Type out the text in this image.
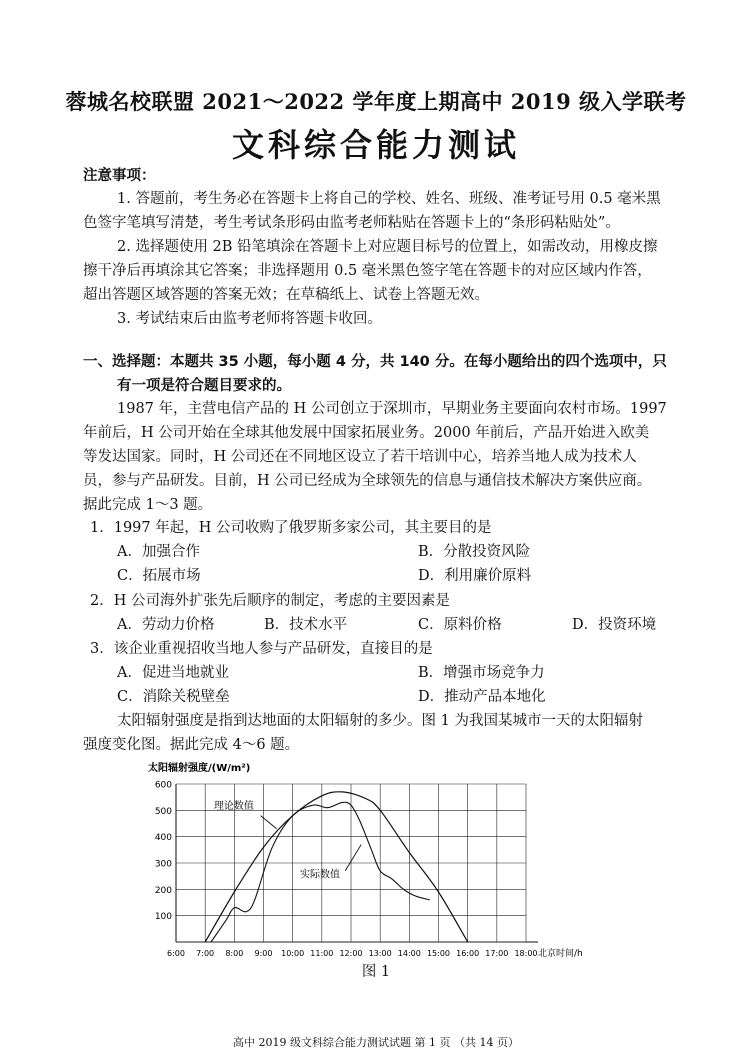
蓉城名校联盟 2021～2022 学年度上期高中 2019 级入学联考
文科综合能力测试
注意事项：
1. 答题前，考生务必在答题卡上将自己的学校、姓名、班级、准考证号用 0.5 毫米黑
色签字笔填写清楚，考生考试条形码由监考老师粘贴在答题卡上的“条形码粘贴处”。
2. 选择题使用 2B 铅笔填涂在答题卡上对应题目标号的位置上，如需改动，用橡皮擦
擦干净后再填涂其它答案；非选择题用 0.5 毫米黑色签字笔在答题卡的对应区域内作答，
超出答题区域答题的答案无效；在草稿纸上、试卷上答题无效。
3. 考试结束后由监考老师将答题卡收回。
一、选择题：本题共 35 小题，每小题 4 分，共 140 分。在每小题给出的四个选项中，只
有一项是符合题目要求的。
1987 年，主营电信产品的 H 公司创立于深圳市，早期业务主要面向农村市场。1997
年前后，H 公司开始在全球其他发展中国家拓展业务。2000 年前后，产品开始进入欧美
等发达国家。同时，H 公司还在不同地区设立了若干培训中心，培养当地人成为技术人
员，参与产品研发。目前，H 公司已经成为全球领先的信息与通信技术解决方案供应商。
据此完成 1～3 题。
1．1997 年起，H 公司收购了俄罗斯多家公司，其主要目的是
A．加强合作	B．分散投资风险
C．拓展市场	D．利用廉价原料
2．H 公司海外扩张先后顺序的制定，考虑的主要因素是
A．劳动力价格	B．技术水平	C．原料价格	D．投资环境
3．该企业重视招收当地人参与产品研发，直接目的是
A．促进当地就业	B．增强市场竞争力
C．消除关税壁垒	D．推动产品本地化
太阳辐射强度是指到达地面的太阳辐射的多少。图 1 为我国某城市一天的太阳辐射
强度变化图。据此完成 4～6 题。
太阳辐射强度/(W/m²)
100
200
300
400
500
600
6:00 7:00 8:00 9:00 10:00 11:00 12:00 13:00 14:00 15:00 16:00 17:00 18:00 北京时间/h
理论数值
实际数值
图 1
高中 2019 级文科综合能力测试试题 第 1 页 （共 14 页）
